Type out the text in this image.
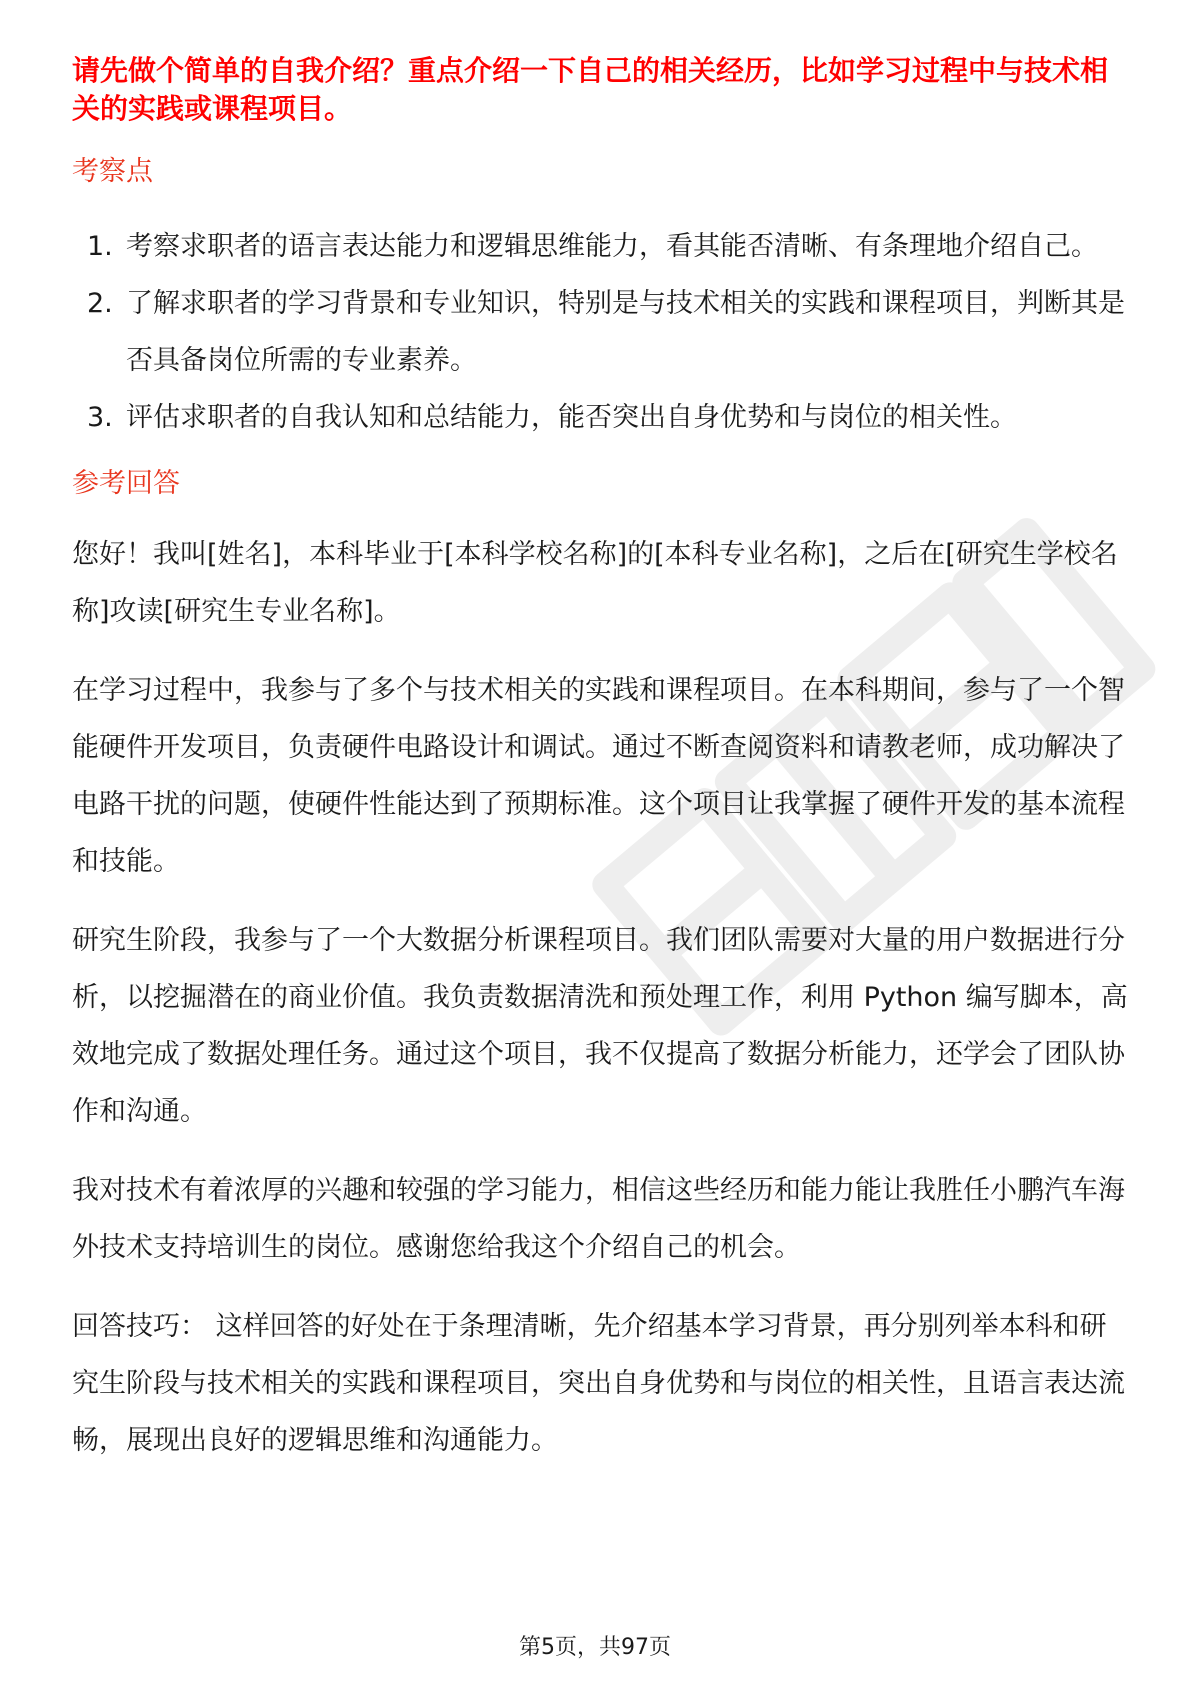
请先做个简单的自我介绍？重点介绍一下自己的相关经历，比如学习过程中与技术相关的实践或课程项目。

考察点
1. 考察求职者的语言表达能力和逻辑思维能力，看其能否清晰、有条理地介绍自己。
2. 了解求职者的学习背景和专业知识，特别是与技术相关的实践和课程项目，判断其是否具备岗位所需的专业素养。
3. 评估求职者的自我认知和总结能力，能否突出自身优势和与岗位的相关性。
参考回答

您好！我叫[姓名]，本科毕业于[本科学校名称]的[本科专业名称]，之后在[研究生学校名称]攻读[研究生专业名称]。

在学习过程中，我参与了多个与技术相关的实践和课程项目。在本科期间，参与了一个智能硬件开发项目，负责硬件电路设计和调试。通过不断查阅资料和请教老师，成功解决了电路干扰的问题，使硬件性能达到了预期标准。这个项目让我掌握了硬件开发的基本流程和技能。

研究生阶段，我参与了一个大数据分析课程项目。我们团队需要对大量的用户数据进行分析，以挖掘潜在的商业价值。我负责数据清洗和预处理工作，利用 Python 编写脚本，高效地完成了数据处理任务。通过这个项目，我不仅提高了数据分析能力，还学会了团队协作和沟通。

我对技术有着浓厚的兴趣和较强的学习能力，相信这些经历和能力能让我胜任小鹏汽车海外技术支持培训生的岗位。感谢您给我这个介绍自己的机会。

回答技巧： 这样回答的好处在于条理清晰，先介绍基本学习背景，再分别列举本科和研究生阶段与技术相关的实践和课程项目，突出自身优势和与岗位的相关性，且语言表达流畅，展现出良好的逻辑思维和沟通能力。

第5页，共97页
